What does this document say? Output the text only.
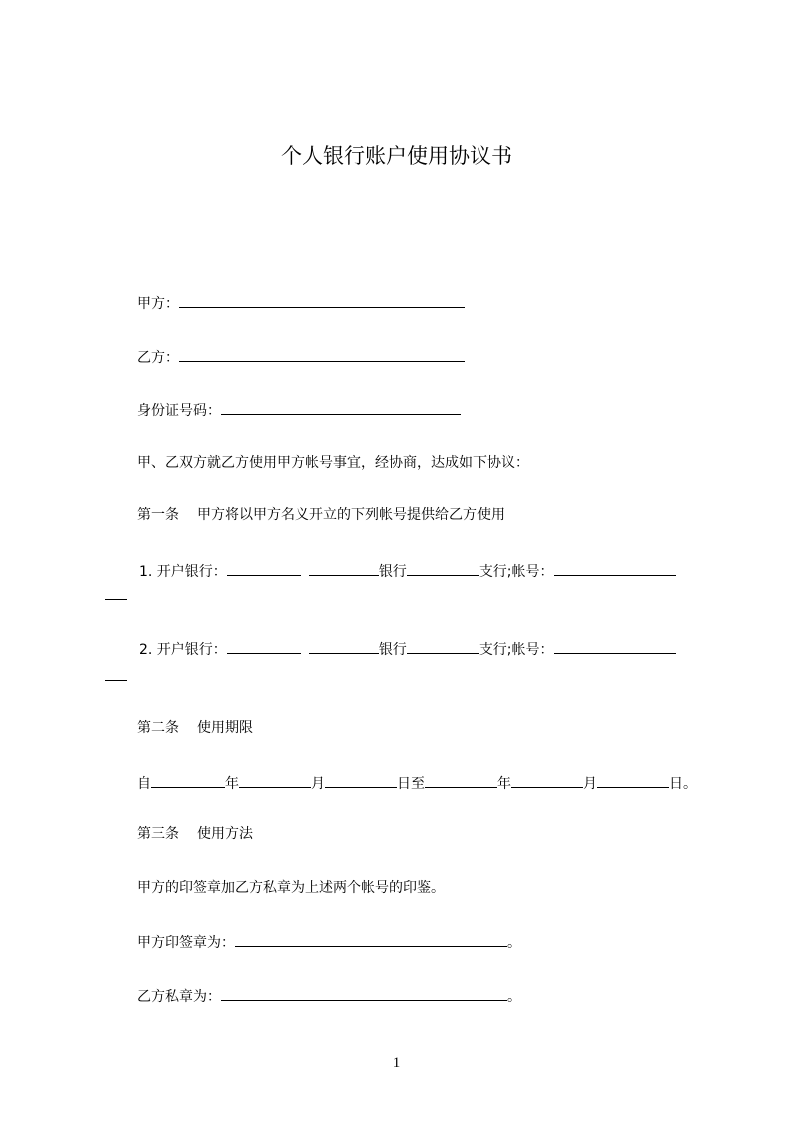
个人银行账户使用协议书
甲方：
乙方：
身份证号码：
甲、乙双方就乙方使用甲方帐号事宜，经协商，达成如下协议：
第一条 甲方将以甲方名义开立的下列帐号提供给乙方使用
1. 开户银行：	银行	支行;帐号：
2. 开户银行：	银行	支行;帐号：
第二条 使用期限
自	年	月	日至	年	月	日。
第三条 使用方法
甲方的印签章加乙方私章为上述两个帐号的印鉴。
甲方印签章为：	。
乙方私章为：	。
1
